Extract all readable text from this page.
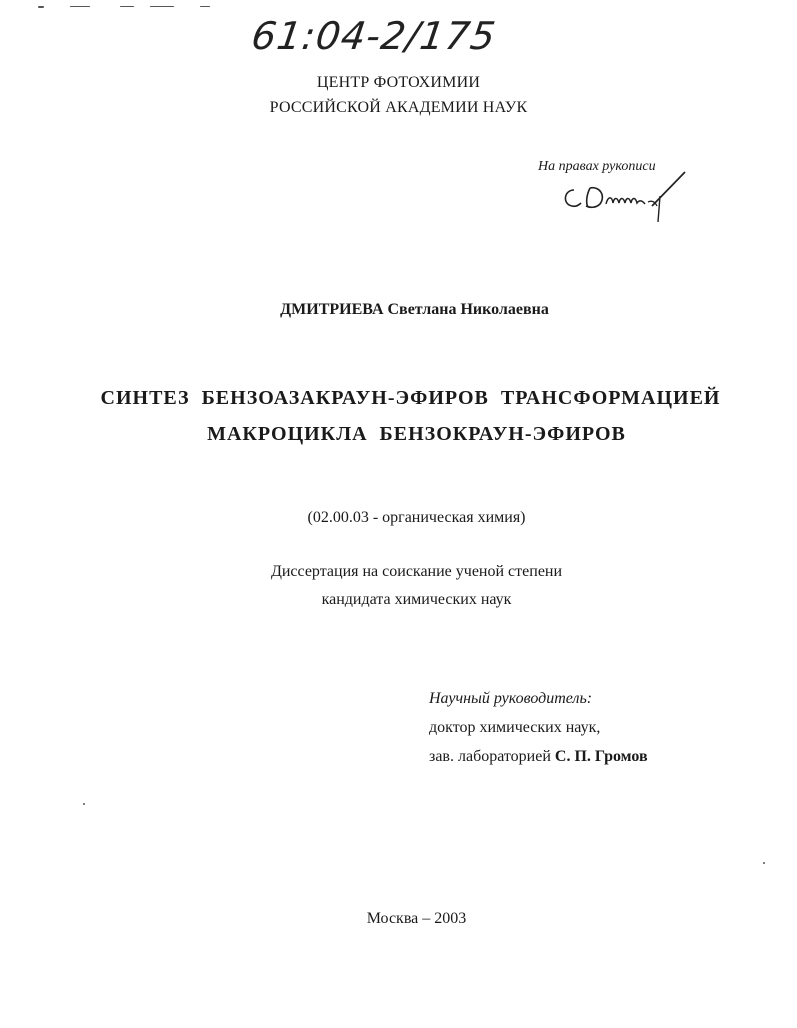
61:04-2/175
ЦЕНТР ФОТОХИМИИ
РОССИЙСКОЙ АКАДЕМИИ НАУК
На правах рукописи
ДМИТРИЕВА Светлана Николаевна
СИНТЕЗ БЕНЗОАЗАКРАУН-ЭФИРОВ ТРАНСФОРМАЦИЕЙ
МАКРОЦИКЛА БЕНЗОКРАУН-ЭФИРОВ
(02.00.03 - органическая химия)
Диссертация на соискание ученой степени
кандидата химических наук
Научный руководитель:
доктор химических наук,
зав. лабораторией С. П. Громов
Москва – 2003
